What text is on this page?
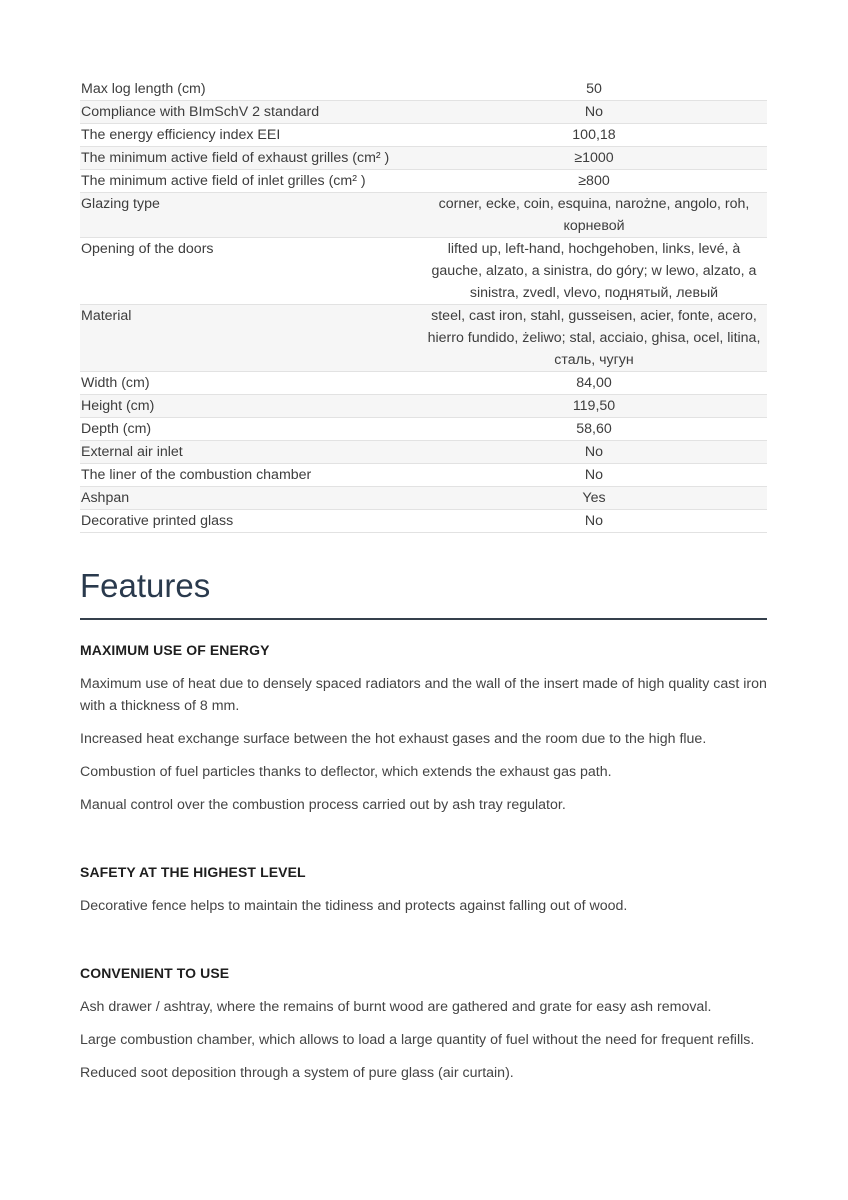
Max log length (cm)	50
Compliance with BImSchV 2 standard	No
The energy efficiency index EEI	100,18
The minimum active field of exhaust grilles (cm² )	≥1000
The minimum active field of inlet grilles (cm² )	≥800
Glazing type	corner, ecke, coin, esquina, narożne, angolo, roh, корневой
Opening of the doors	lifted up, left-hand, hochgehoben, links, levé, à gauche, alzato, a sinistra, do góry; w lewo, alzato, a sinistra, zvedl, vlevo, поднятый, левый
Material	steel, cast iron, stahl, gusseisen, acier, fonte, acero, hierro fundido, żeliwo; stal, acciaio, ghisa, ocel, litina, сталь, чугун
Width (cm)	84,00
Height (cm)	119,50
Depth (cm)	58,60
External air inlet	No
The liner of the combustion chamber	No
Ashpan	Yes
Decorative printed glass	No
Features
MAXIMUM USE OF ENERGY

Maximum use of heat due to densely spaced radiators and the wall of the insert made of high quality cast iron with a thickness of 8 mm.

Increased heat exchange surface between the hot exhaust gases and the room due to the high flue.

Combustion of fuel particles thanks to deflector, which extends the exhaust gas path.

Manual control over the combustion process carried out by ash tray regulator.

SAFETY AT THE HIGHEST LEVEL

Decorative fence helps to maintain the tidiness and protects against falling out of wood.

CONVENIENT TO USE

Ash drawer / ashtray, where the remains of burnt wood are gathered and grate for easy ash removal.

Large combustion chamber, which allows to load a large quantity of fuel without the need for frequent refills.

Reduced soot deposition through a system of pure glass (air curtain).
